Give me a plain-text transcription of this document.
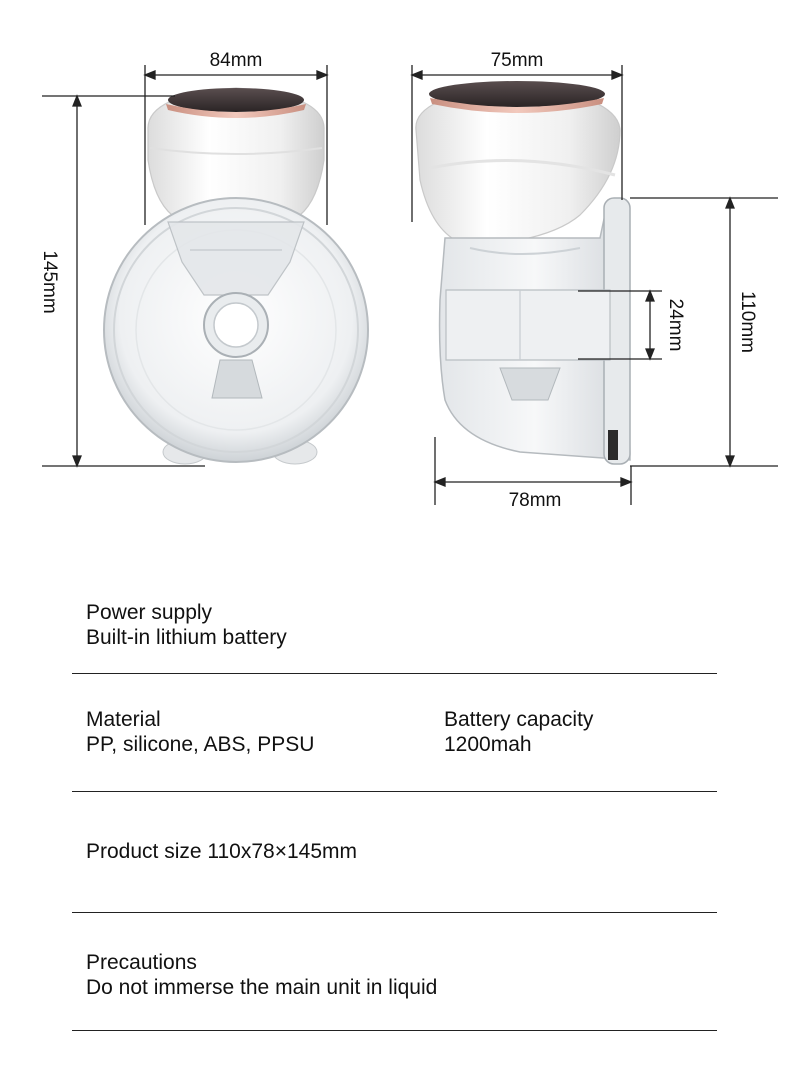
84mm
145mm
75mm
110mm
24mm
78mm
Power supply
Built-in lithium battery
Material
PP, silicone, ABS, PPSU
Battery capacity
1200mah
Product size 110x78×145mm
Precautions
Do not immerse the main unit in liquid
